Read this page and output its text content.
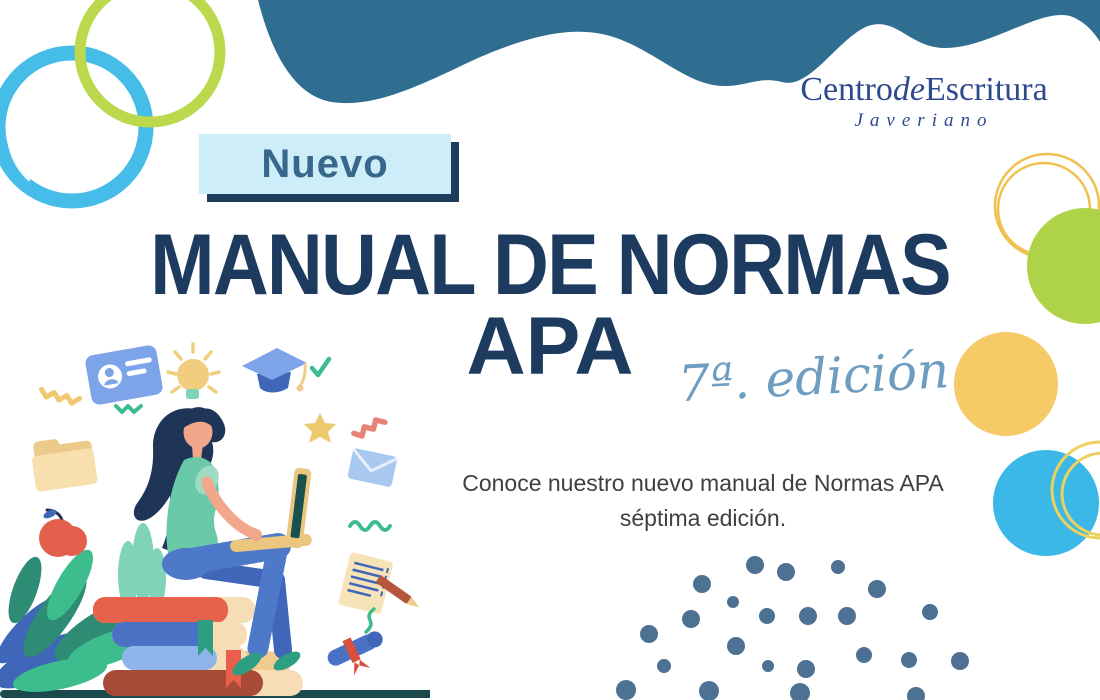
Nuevo
CentrodeEscritura
Javeriano
MANUAL DE NORMAS
APA 7ª. edición
Conoce nuestro nuevo manual de Normas APA
séptima edición.
